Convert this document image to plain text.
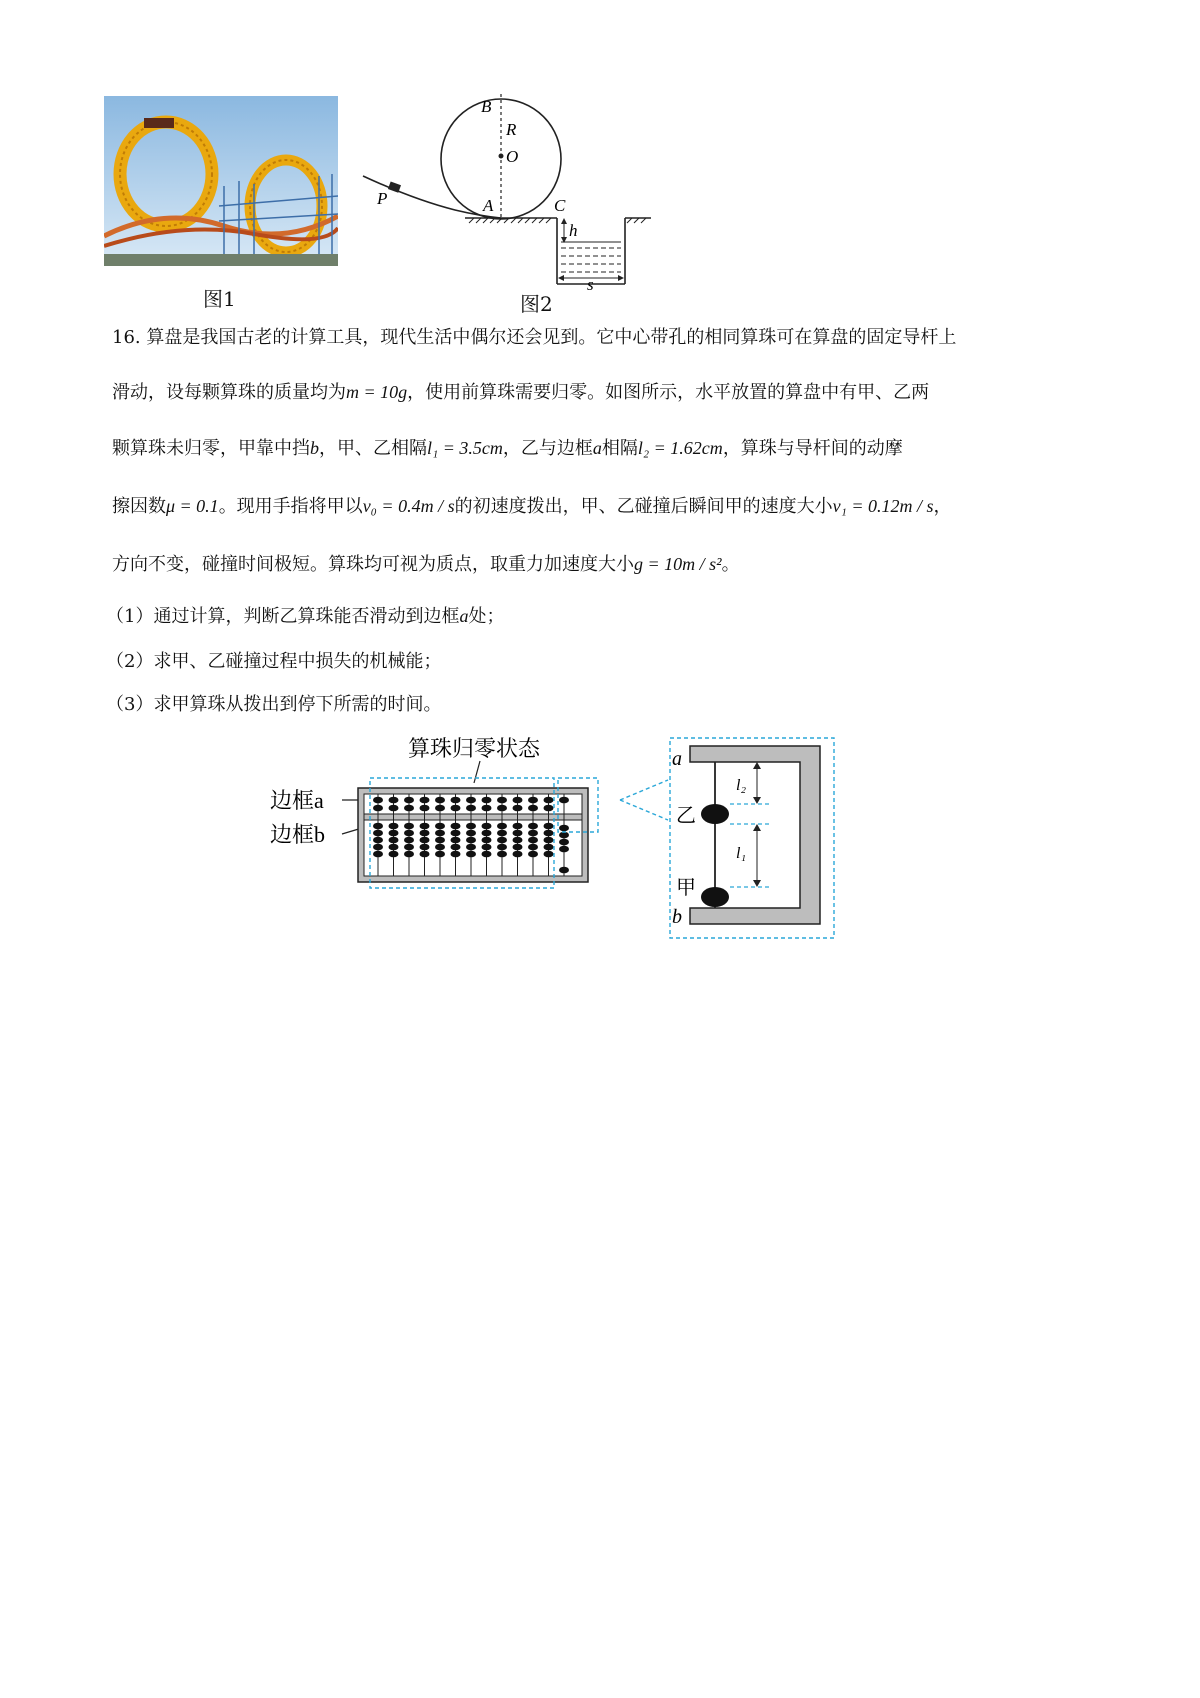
图1
B
R
O
P	A	C
h
s
图2
16. 算盘是我国古老的计算工具，现代生活中偶尔还会见到。它中心带孔的相同算珠可在算盘的固定导杆上
滑动，设每颗算珠的质量均为m = 10g，使用前算珠需要归零。如图所示，水平放置的算盘中有甲、乙两
颗算珠未归零，甲靠中挡b，甲、乙相隔l₁ = 3.5cm，乙与边框a相隔l₂ = 1.62cm，算珠与导杆间的动摩
擦因数μ = 0.1。现用手指将甲以v₀ = 0.4m / s的初速度拨出，甲、乙碰撞后瞬间甲的速度大小v₁ = 0.12m / s，
方向不变，碰撞时间极短。算珠均可视为质点，取重力加速度大小g = 10m / s²。
（1）通过计算，判断乙算珠能否滑动到边框a处；
（2）求甲、乙碰撞过程中损失的机械能；
（3）求甲算珠从拨出到停下所需的时间。
算珠归零状态
边框a
边框b
a
b
乙
甲
l₂
l₁
